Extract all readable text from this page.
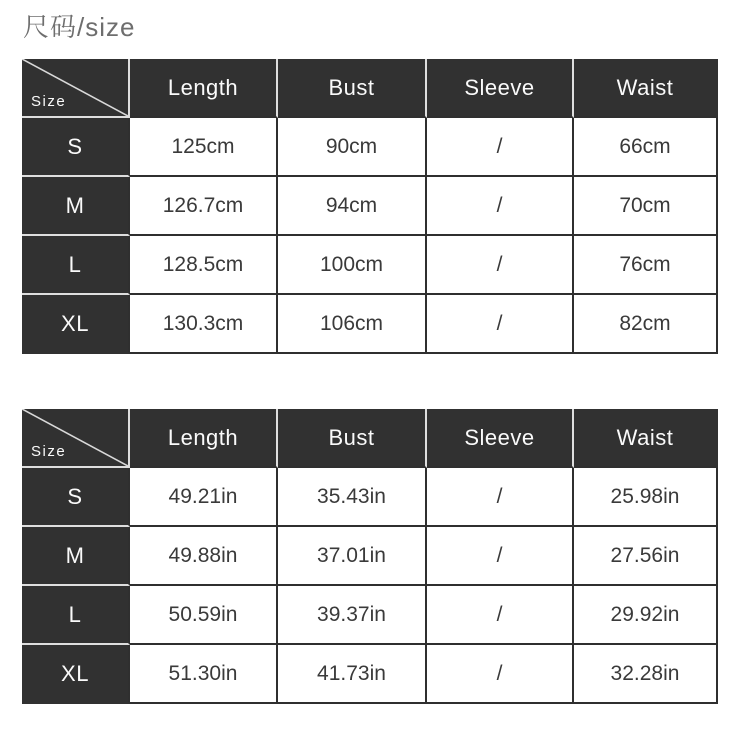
尺码/size
Size	Length	Bust	Sleeve	Waist
S	125cm	90cm	/	66cm
M	126.7cm	94cm	/	70cm
L	128.5cm	100cm	/	76cm
XL	130.3cm	106cm	/	82cm
Size	Length	Bust	Sleeve	Waist
S	49.21in	35.43in	/	25.98in
M	49.88in	37.01in	/	27.56in
L	50.59in	39.37in	/	29.92in
XL	51.30in	41.73in	/	32.28in
